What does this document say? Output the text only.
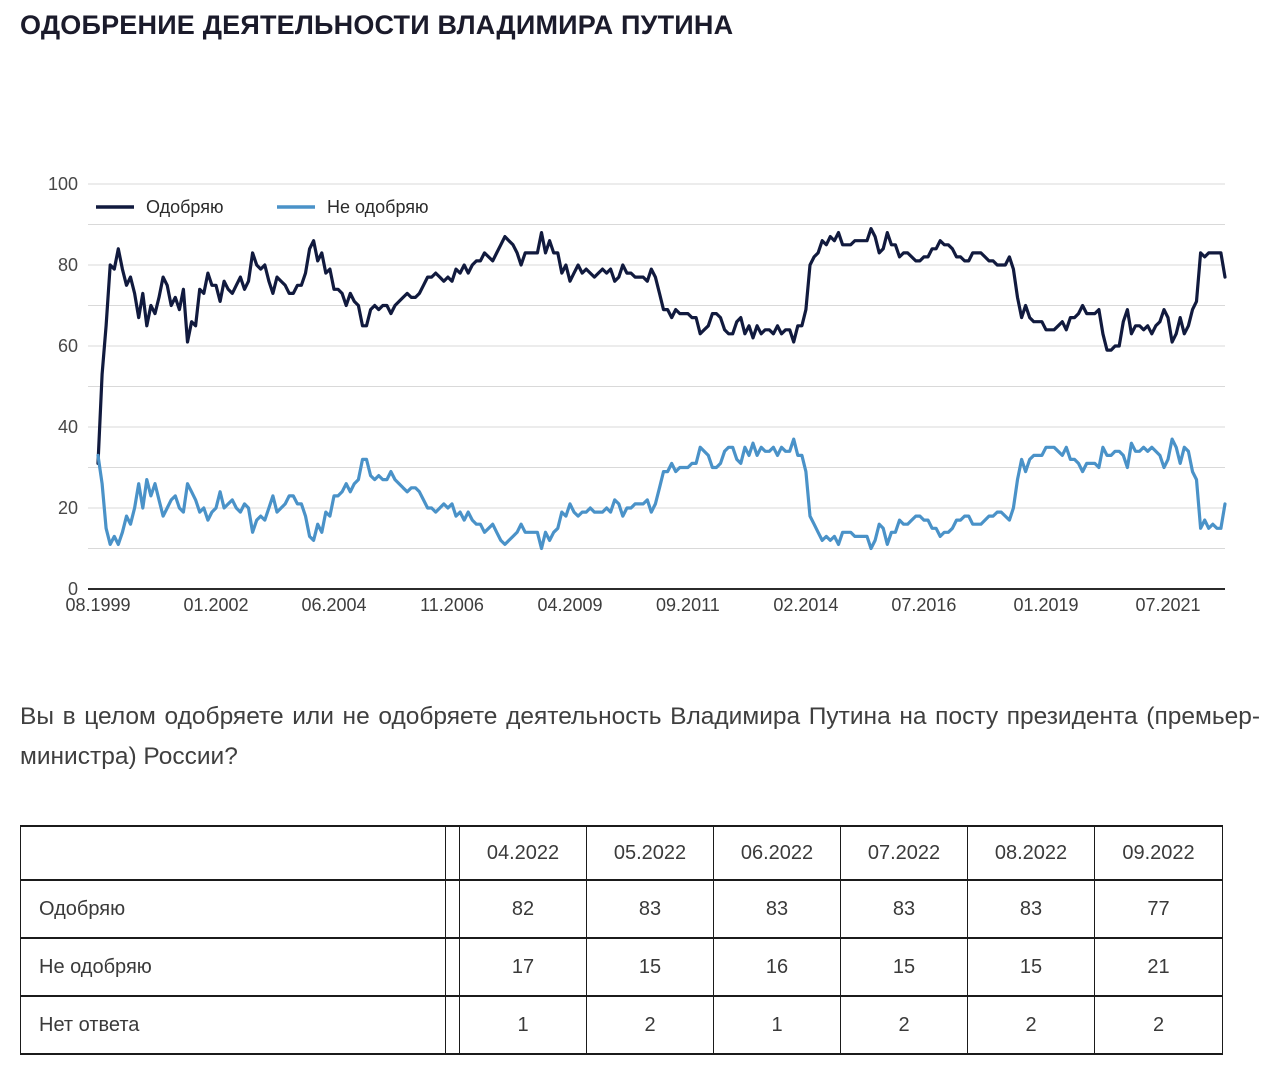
ОДОБРЕНИЕ ДЕЯТЕЛЬНОСТИ ВЛАДИМИРА ПУТИНА
0
20
40
60
80
100
08.1999	01.2002	06.2004	11.2006	04.2009	09.2011	02.2014	07.2016	01.2019	07.2021
Одобряю	Не одобряю
Вы в целом одобряете или не одобряете деятельность Владимира Путина на посту президента (премьер-министра) России?
		04.2022	05.2022	06.2022	07.2022	08.2022	09.2022
Одобряю		82	83	83	83	83	77
Не одобряю		17	15	16	15	15	21
Нет ответа		1	2	1	2	2	2
